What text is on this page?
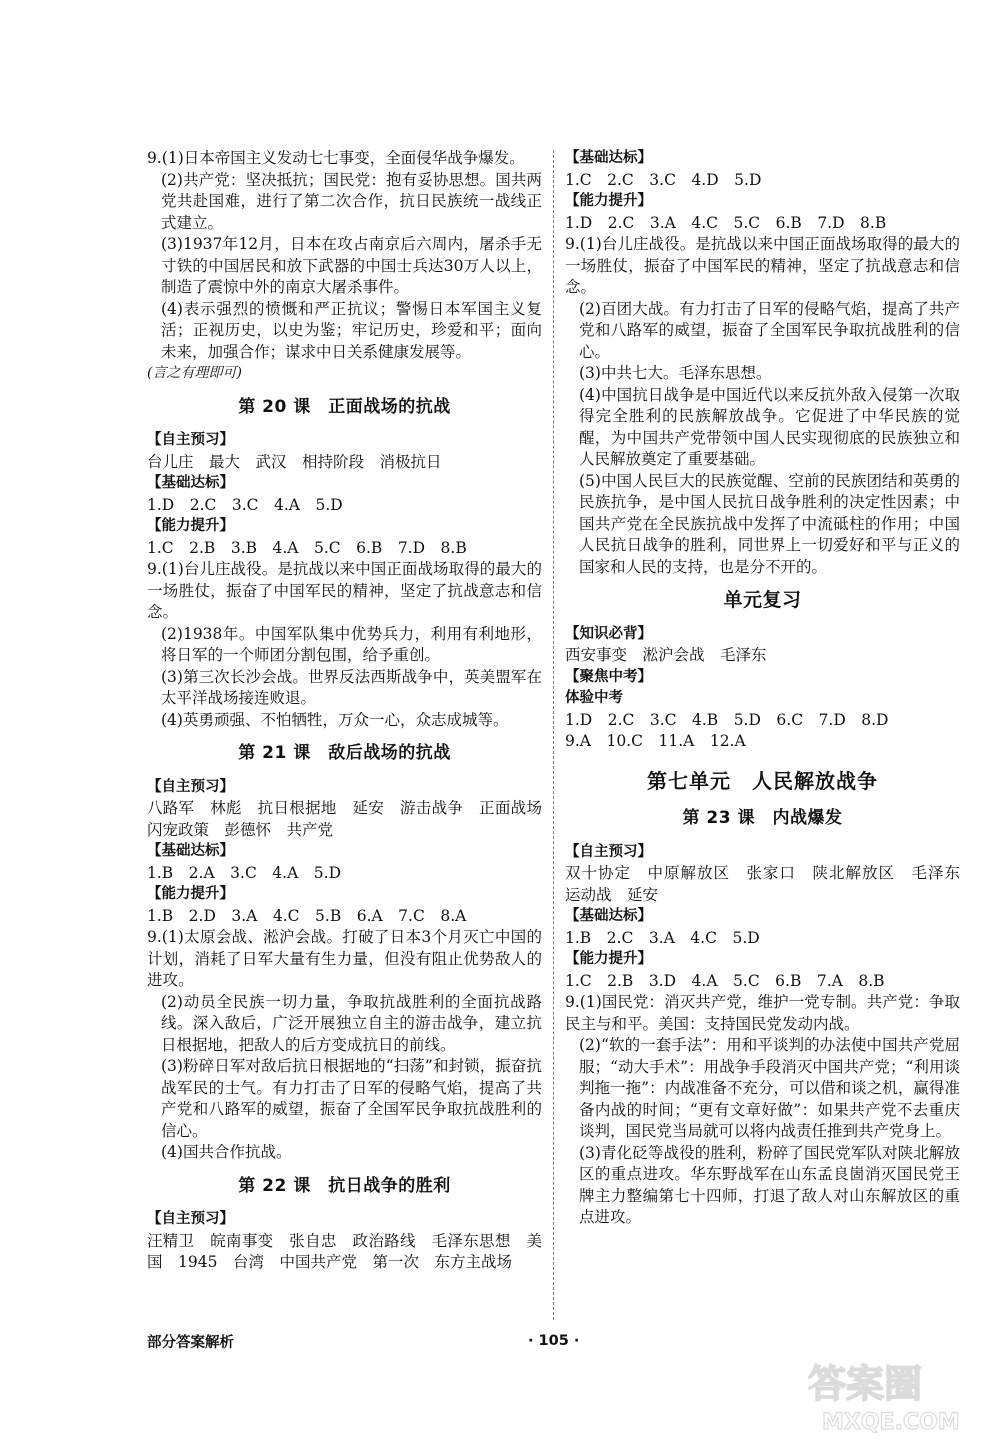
9.(1)日本帝国主义发动七七事变，全面侵华战争爆发。

(2)共产党：坚决抵抗；国民党：抱有妥协思想。国共两党共赴国难，进行了第二次合作，抗日民族统一战线正式建立。

(3)1937年12月，日本在攻占南京后六周内，屠杀手无寸铁的中国居民和放下武器的中国士兵达30万人以上，制造了震惊中外的南京大屠杀事件。

(4)表示强烈的愤慨和严正抗议；警惕日本军国主义复活；正视历史，以史为鉴；牢记历史，珍爱和平；面向未来，加强合作；谋求中日关系健康发展等。

(言之有理即可)

第 20 课　正面战场的抗战

【自主预习】

台儿庄　最大　武汉　相持阶段　消极抗日

【基础达标】

1.D　2.C　3.C　4.A　5.D

【能力提升】

1.C　2.B　3.B　4.A　5.C　6.B　7.D　8.B

9.(1)台儿庄战役。是抗战以来中国正面战场取得的最大的一场胜仗，振奋了中国军民的精神，坚定了抗战意志和信念。

(2)1938年。中国军队集中优势兵力，利用有利地形，将日军的一个师团分割包围，给予重创。

(3)第三次长沙会战。世界反法西斯战争中，英美盟军在太平洋战场接连败退。

(4)英勇顽强、不怕牺牲，万众一心，众志成城等。

第 21 课　敌后战场的抗战

【自主预习】

八路军　林彪　抗日根据地　延安　游击战争　正面战场　闪宠政策　彭德怀　共产党

【基础达标】

1.B　2.A　3.C　4.A　5.D

【能力提升】

1.B　2.D　3.A　4.C　5.B　6.A　7.C　8.A

9.(1)太原会战、淞沪会战。打破了日本3个月灭亡中国的计划，消耗了日军大量有生力量，但没有阻止优势敌人的进攻。

(2)动员全民族一切力量，争取抗战胜利的全面抗战路线。深入敌后，广泛开展独立自主的游击战争，建立抗日根据地，把敌人的后方变成抗日的前线。

(3)粉碎日军对敌后抗日根据地的“扫荡”和封锁，振奋抗战军民的士气。有力打击了日军的侵略气焰，提高了共产党和八路军的威望，振奋了全国军民争取抗战胜利的信心。

(4)国共合作抗战。

第 22 课　抗日战争的胜利

【自主预习】

汪精卫　皖南事变　张自忠　政治路线　毛泽东思想　美国　1945　台湾　中国共产党　第一次　东方主战场

【基础达标】

1.C　2.C　3.C　4.D　5.D

【能力提升】

1.D　2.C　3.A　4.C　5.C　6.B　7.D　8.B

9.(1)台儿庄战役。是抗战以来中国正面战场取得的最大的一场胜仗，振奋了中国军民的精神，坚定了抗战意志和信念。

(2)百团大战。有力打击了日军的侵略气焰，提高了共产党和八路军的威望，振奋了全国军民争取抗战胜利的信心。

(3)中共七大。毛泽东思想。

(4)中国抗日战争是中国近代以来反抗外敌入侵第一次取得完全胜利的民族解放战争。它促进了中华民族的觉醒，为中国共产党带领中国人民实现彻底的民族独立和人民解放奠定了重要基础。

(5)中国人民巨大的民族觉醒、空前的民族团结和英勇的民族抗争，是中国人民抗日战争胜利的决定性因素；中国共产党在全民族抗战中发挥了中流砥柱的作用；中国人民抗日战争的胜利，同世界上一切爱好和平与正义的国家和人民的支持，也是分不开的。

单元复习

【知识必背】

西安事变　淞沪会战　毛泽东

【聚焦中考】

体验中考

1.D　2.C　3.C　4.B　5.D　6.C　7.D　8.D

9.A　10.C　11.A　12.A

第七单元　人民解放战争
第 23 课　内战爆发

【自主预习】

双十协定　中原解放区　张家口　陕北解放区　毛泽东　运动战　延安

【基础达标】

1.B　2.C　3.A　4.C　5.D

【能力提升】

1.C　2.B　3.D　4.A　5.C　6.B　7.A　8.B

9.(1)国民党：消灭共产党，维护一党专制。共产党：争取民主与和平。美国：支持国民党发动内战。

(2)“软的一套手法”：用和平谈判的办法使中国共产党屈服；“动大手术”：用战争手段消灭中国共产党；“利用谈判拖一拖”：内战准备不充分，可以借和谈之机，赢得准备内战的时间；“更有文章好做”：如果共产党不去重庆谈判，国民党当局就可以将内战责任推到共产党身上。

(3)青化砭等战役的胜利，粉碎了国民党军队对陕北解放区的重点进攻。华东野战军在山东孟良崮消灭国民党王牌主力整编第七十四师，打退了敌人对山东解放区的重点进攻。

部分答案解析	· 105 ·
答案圈
MXQE.COM
